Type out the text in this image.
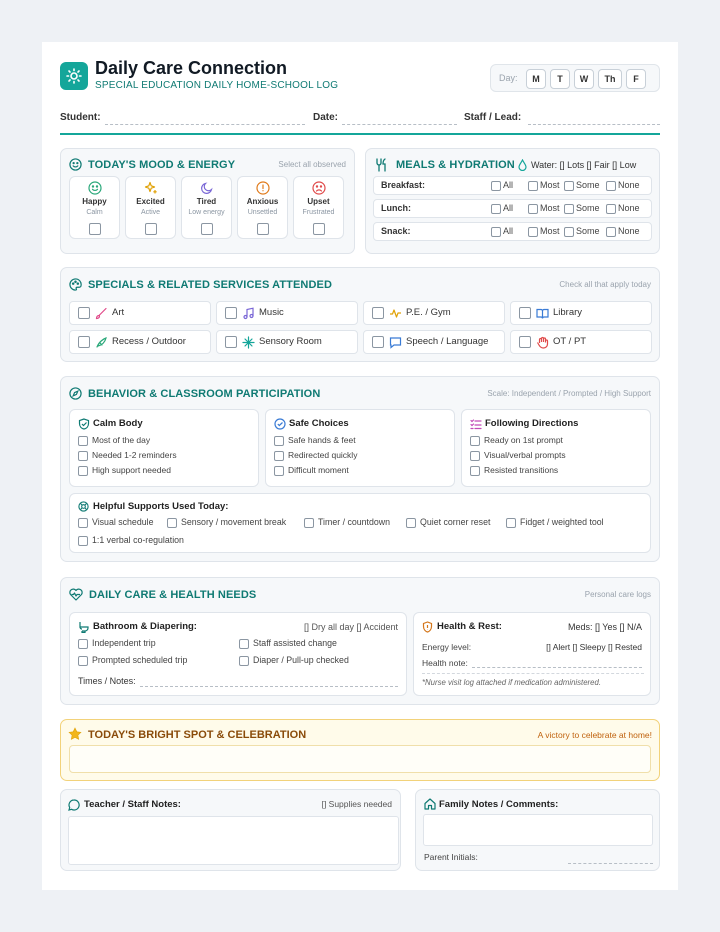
Daily Care Connection
SPECIAL EDUCATION DAILY HOME-SCHOOL LOG
Day:	M	T	W	Th	F
Student:	Date:	Staff / Lead:
TODAY'S MOOD & ENERGY	Select all observed
Happy
Calm
Excited
Active
Tired
Low energy
Anxious
Unsettled
Upset
Frustrated
MEALS & HYDRATION Water: [] Lots [] Fair [] Low
Breakfast:	All	Most	Some	None
Lunch:	All	Most	Some	None
Snack:	All	Most	Some	None
SPECIALS & RELATED SERVICES ATTENDED	Check all that apply today
Art	Music	P.E. / Gym	Library
Recess / Outdoor	Sensory Room	Speech / Language	OT / PT
BEHAVIOR & CLASSROOM PARTICIPATION	Scale: Independent / Prompted / High Support
Calm Body
Most of the day
Needed 1-2 reminders
High support needed
Safe Choices
Safe hands & feet
Redirected quickly
Difficult moment
Following Directions
Ready on 1st prompt
Visual/verbal prompts
Resisted transitions
Helpful Supports Used Today:
Visual schedule	Sensory / movement break	Timer / countdown	Quiet corner reset	Fidget / weighted tool
1:1 verbal co-regulation
DAILY CARE & HEALTH NEEDS	Personal care logs
Bathroom & Diapering:	[] Dry all day [] Accident
Times / Notes:
Independent trip	Staff assisted change
Prompted scheduled trip	Diaper / Pull-up checked
Health & Rest:	Meds: [] Yes [] N/A
Energy level:	[] Alert [] Sleepy [] Rested
Health note:
*Nurse visit log attached if medication administered.
TODAY'S BRIGHT SPOT & CELEBRATION	A victory to celebrate at home!
Teacher / Staff Notes:	[] Supplies needed	Family Notes / Comments:
Parent Initials:
